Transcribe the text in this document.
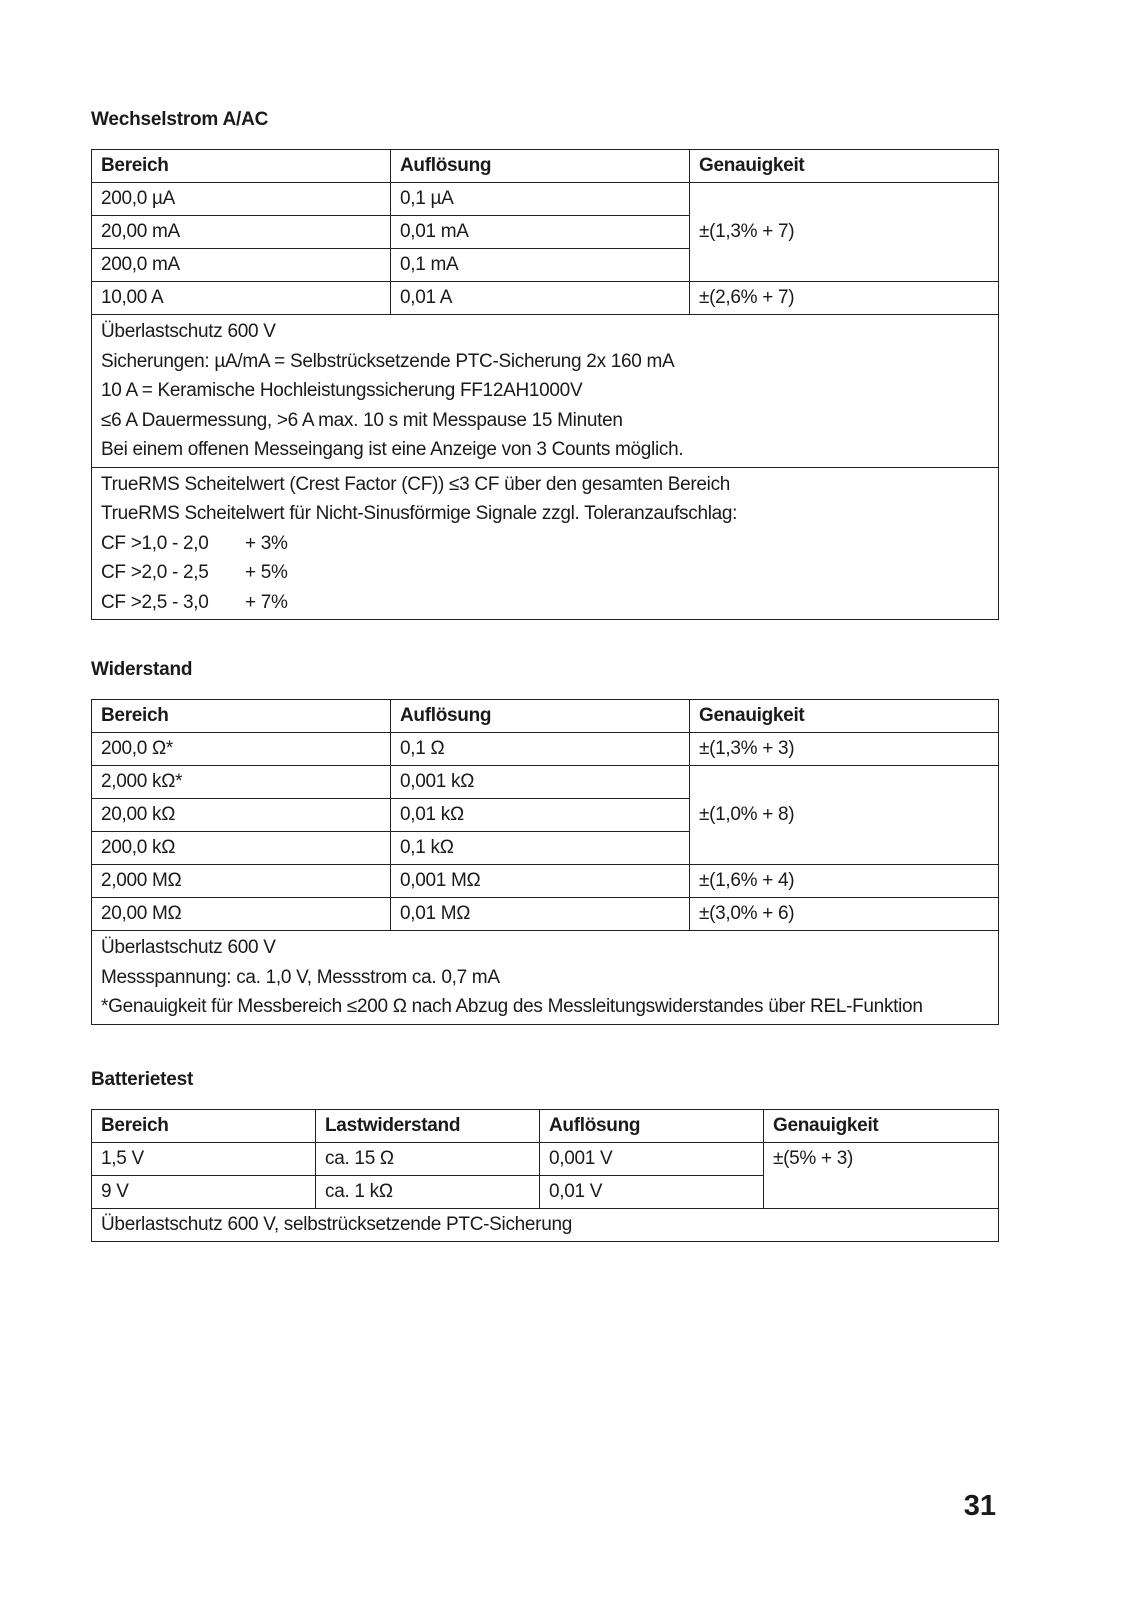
Wechselstrom A/AC
Bereich	Auflösung	Genauigkeit
200,0 µA	0,1 µA	±(1,3% + 7)
20,00 mA	0,01 mA	
200,0 mA	0,1 mA	
10,00 A	0,01 A	±(2,6% + 7)

Überlastschutz 600 V
Sicherungen: µA/mA = Selbstrücksetzende PTC-Sicherung 2x 160 mA
10 A = Keramische Hochleistungssicherung FF12AH1000V
≤6 A Dauermessung, >6 A max. 10 s mit Messpause 15 Minuten
Bei einem offenen Messeingang ist eine Anzeige von 3 Counts möglich.		

TrueRMS Scheitelwert (Crest Factor (CF)) ≤3 CF über den gesamten Bereich
TrueRMS Scheitelwert für Nicht-Sinusförmige Signale zzgl. Toleranzaufschlag:
CF >1,0 - 2,0 + 3%
CF >2,0 - 2,5 + 5%
CF >2,5 - 3,0 + 7%		
Widerstand
Bereich	Auflösung	Genauigkeit
200,0 Ω*	0,1 Ω	±(1,3% + 3)
2,000 kΩ*	0,001 kΩ	±(1,0% + 8)
20,00 kΩ	0,01 kΩ	
200,0 kΩ	0,1 kΩ	
2,000 MΩ	0,001 MΩ	±(1,6% + 4)
20,00 MΩ	0,01 MΩ	±(3,0% + 6)

Überlastschutz 600 V
Messspannung: ca. 1,0 V, Messstrom ca. 0,7 mA
*Genauigkeit für Messbereich ≤200 Ω nach Abzug des Messleitungswiderstandes über REL-Funktion		
Batterietest
Bereich	Lastwiderstand	Auflösung	Genauigkeit
1,5 V	ca. 15 Ω	0,001 V	±(5% + 3)
9 V	ca. 1 kΩ	0,01 V	
Überlastschutz 600 V, selbstrücksetzende PTC-Sicherung			
31
